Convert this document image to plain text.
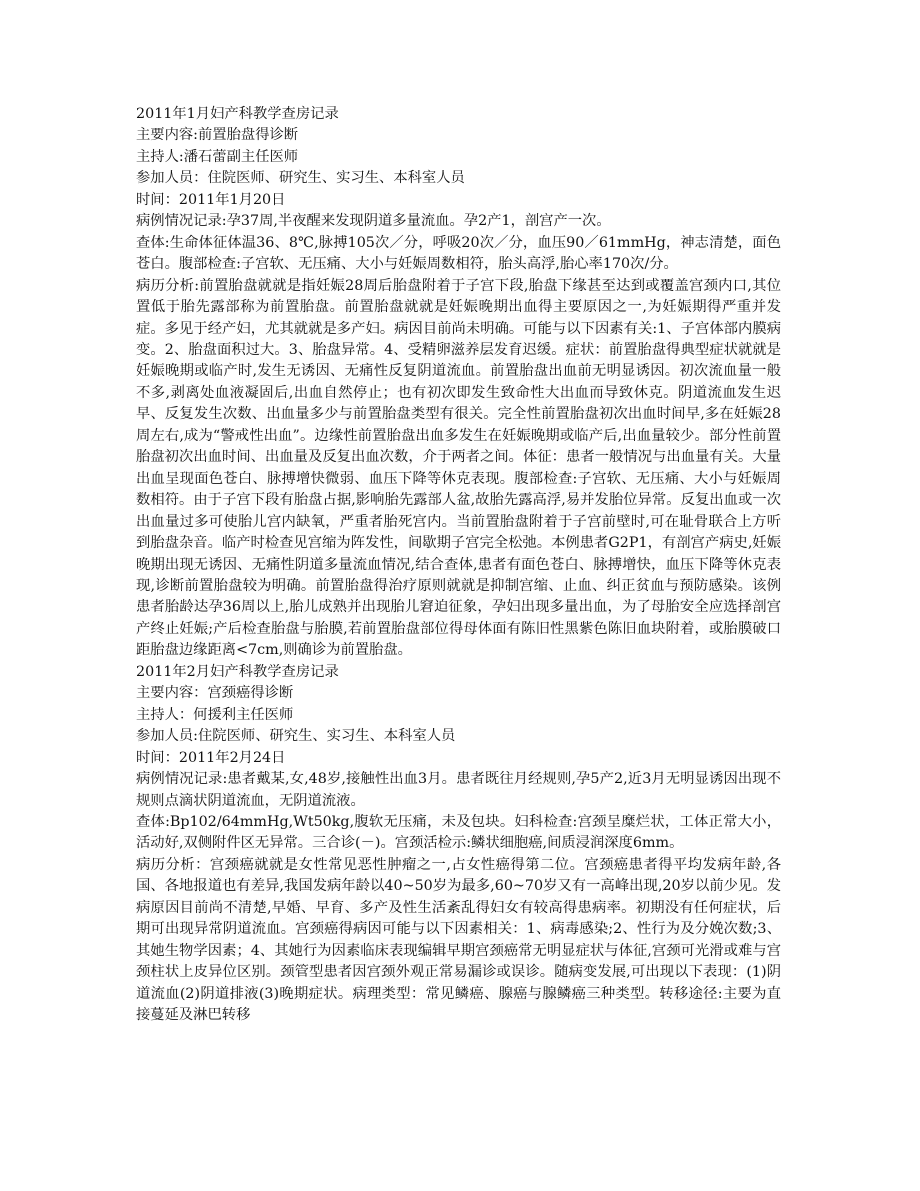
2011年1月妇产科教学查房记录

主要内容:前置胎盘得诊断

主持人:潘石蕾副主任医师

参加人员：住院医师、研究生、实习生、本科室人员

时间：2011年1月20日

病例情况记录:孕37周,半夜醒来发现阴道多量流血。孕2产1，剖宫产一次。

查体:生命体征体温36、8℃,脉搏105次／分，呼吸20次／分，血压90／61mmHg，神志清楚，面色苍白。腹部检查:子宫软、无压痛、大小与妊娠周数相符，胎头高浮,胎心率170次/分。

病历分析:前置胎盘就就是指妊娠28周后胎盘附着于子宫下段,胎盘下缘甚至达到或覆盖宫颈内口,其位置低于胎先露部称为前置胎盘。前置胎盘就就是妊娠晚期出血得主要原因之一,为妊娠期得严重并发症。多见于经产妇，尤其就就是多产妇。病因目前尚未明确。可能与以下因素有关:1、子宫体部内膜病变。2、胎盘面积过大。3、胎盘异常。4、受精卵滋养层发育迟缓。症状：前置胎盘得典型症状就就是妊娠晚期或临产时,发生无诱因、无痛性反复阴道流血。前置胎盘出血前无明显诱因。初次流血量一般不多,剥离处血液凝固后,出血自然停止；也有初次即发生致命性大出血而导致休克。阴道流血发生迟早、反复发生次数、出血量多少与前置胎盘类型有很关。完全性前置胎盘初次出血时间早,多在妊娠28周左右,成为“警戒性出血”。边缘性前置胎盘出血多发生在妊娠晚期或临产后,出血量较少。部分性前置胎盘初次出血时间、出血量及反复出血次数，介于两者之间。体征：患者一般情况与出血量有关。大量出血呈现面色苍白、脉搏增快微弱、血压下降等休克表现。腹部检查:子宫软、无压痛、大小与妊娠周数相符。由于子宫下段有胎盘占据,影响胎先露部人盆,故胎先露高浮,易并发胎位异常。反复出血或一次出血量过多可使胎儿宫内缺氧，严重者胎死宫内。当前置胎盘附着于子宫前壁时,可在耻骨联合上方听到胎盘杂音。临产时检查见宫缩为阵发性，间歇期子宫完全松弛。本例患者G2P1，有剖宫产病史,妊娠晚期出现无诱因、无痛性阴道多量流血情况,结合查体,患者有面色苍白、脉搏增快，血压下降等休克表现,诊断前置胎盘较为明确。前置胎盘得治疗原则就就是抑制宫缩、止血、纠正贫血与预防感染。该例患者胎龄达孕36周以上,胎儿成熟并出现胎儿窘迫征象，孕妇出现多量出血，为了母胎安全应选择剖宫产终止妊娠;产后检查胎盘与胎膜,若前置胎盘部位得母体面有陈旧性黑紫色陈旧血块附着，或胎膜破口距胎盘边缘距离<7cm,则确诊为前置胎盘。

2011年2月妇产科教学查房记录

主要内容：宫颈癌得诊断

主持人：何援利主任医师

参加人员:住院医师、研究生、实习生、本科室人员

时间：2011年2月24日

病例情况记录:患者戴某,女,48岁,接触性出血3月。患者既往月经规则,孕5产2,近3月无明显诱因出现不规则点滴状阴道流血，无阴道流液。

查体:Bp102/64mmHg,Wt50kg,腹软无压痛，未及包块。妇科检查:宫颈呈糜烂状，工体正常大小，活动好,双侧附件区无异常。三合诊(－)。宫颈活检示:鳞状细胞癌,间质浸润深度6mm。

病历分析：宫颈癌就就是女性常见恶性肿瘤之一,占女性癌得第二位。宫颈癌患者得平均发病年龄,各国、各地报道也有差异,我国发病年龄以40~50岁为最多,60~70岁又有一高峰出现,20岁以前少见。发病原因目前尚不清楚,早婚、早育、多产及性生活紊乱得妇女有较高得患病率。初期没有任何症状，后期可出现异常阴道流血。宫颈癌得病因可能与以下因素相关：1、病毒感染;2、性行为及分娩次数;3、其她生物学因素；4、其她行为因素临床表现编辑早期宫颈癌常无明显症状与体征,宫颈可光滑或难与宫颈柱状上皮异位区别。颈管型患者因宫颈外观正常易漏诊或误诊。随病变发展,可出现以下表现：(1)阴道流血(2)阴道排液(3)晚期症状。病理类型：常见鳞癌、腺癌与腺鳞癌三种类型。转移途径:主要为直接蔓延及淋巴转移
